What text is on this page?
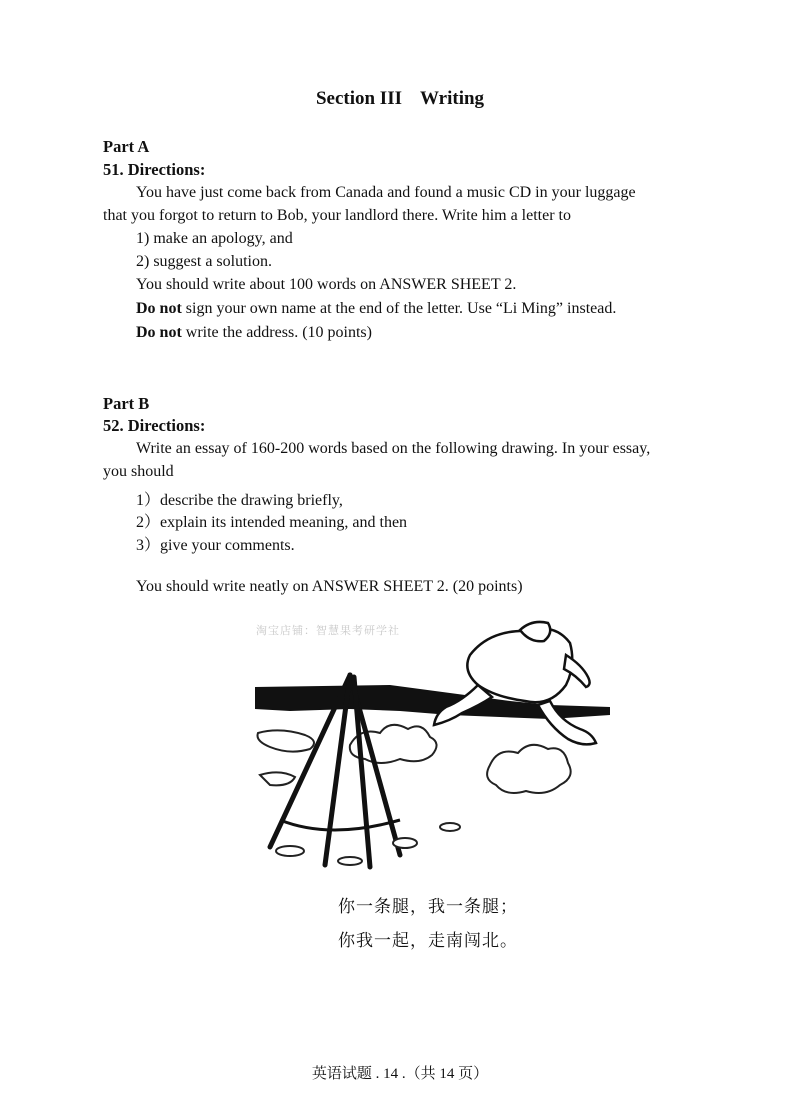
Section III Writing
Part A
51. Directions:
You have just come back from Canada and found a music CD in your luggage
that you forgot to return to Bob, your landlord there. Write him a letter to
1) make an apology, and
2) suggest a solution.
You should write about 100 words on ANSWER SHEET 2.
Do not sign your own name at the end of the letter. Use “Li Ming” instead.
Do not write the address. (10 points)
Part B
52. Directions:
Write an essay of 160-200 words based on the following drawing. In your essay,
you should
1）describe the drawing briefly,
2）explain its intended meaning, and then
3）give your comments.
You should write neatly on ANSWER SHEET 2. (20 points)
淘宝店铺：智慧果考研学社
你一条腿，我一条腿；
你我一起，走南闯北。
英语试题 . 14 .（共 14 页）
